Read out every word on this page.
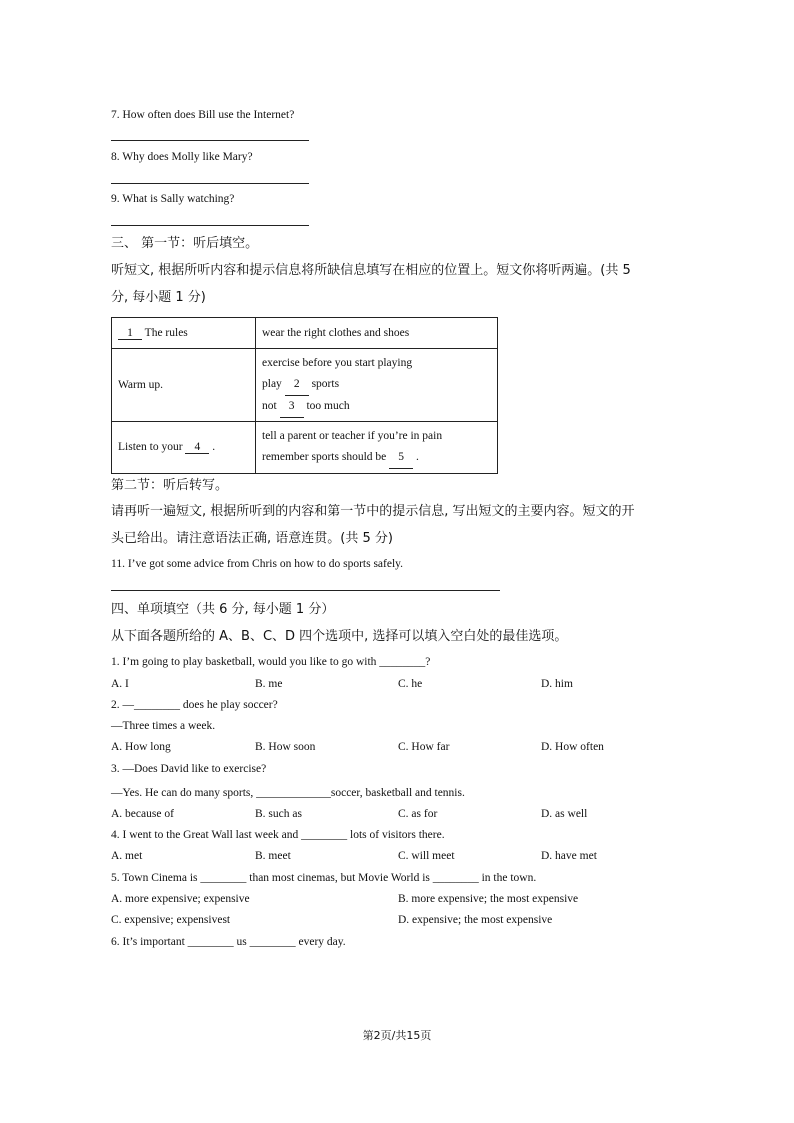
7. How often does Bill use the Internet?
8. Why does Molly like Mary?
9. What is Sally watching?
三、 第一节：听后填空。
听短文, 根据所听内容和提示信息将所缺信息填写在相应的位置上。短文你将听两遍。(共 5
分, 每小题 1 分)
1 The rules	wear the right clothes and shoes
Warm up.	exercise before you start playing
play 2 sports
not 3 too much

Listen to your 4 .	tell a parent or teacher if you’re in pain
remember sports should be 5 .
第二节：听后转写。
请再听一遍短文, 根据所听到的内容和第一节中的提示信息, 写出短文的主要内容。短文的开
头已给出。请注意语法正确, 语意连贯。(共 5 分)
11. I’ve got some advice from Chris on how to do sports safely.
四、单项填空（共 6 分, 每小题 1 分）
从下面各题所给的 A、B、C、D 四个选项中, 选择可以填入空白处的最佳选项。
1. I’m going to play basketball, would you like to go with ________?
A. I	B. me	C. he	D. him
2. —________ does he play soccer?
—Three times a week.
A. How long	B. How soon	C. How far	D. How often
3. —Does David like to exercise?
—Yes. He can do many sports, _____________soccer, basketball and tennis.
A. because of	B. such as	C. as for	D. as well
4. I went to the Great Wall last week and ________ lots of visitors there.
A. met	B. meet	C. will meet	D. have met
5. Town Cinema is ________ than most cinemas, but Movie World is ________ in the town.
A. more expensive; expensive	B. more expensive; the most expensive
C. expensive; expensivest	D. expensive; the most expensive
6. It’s important ________ us ________ every day.
第2页/共15页
